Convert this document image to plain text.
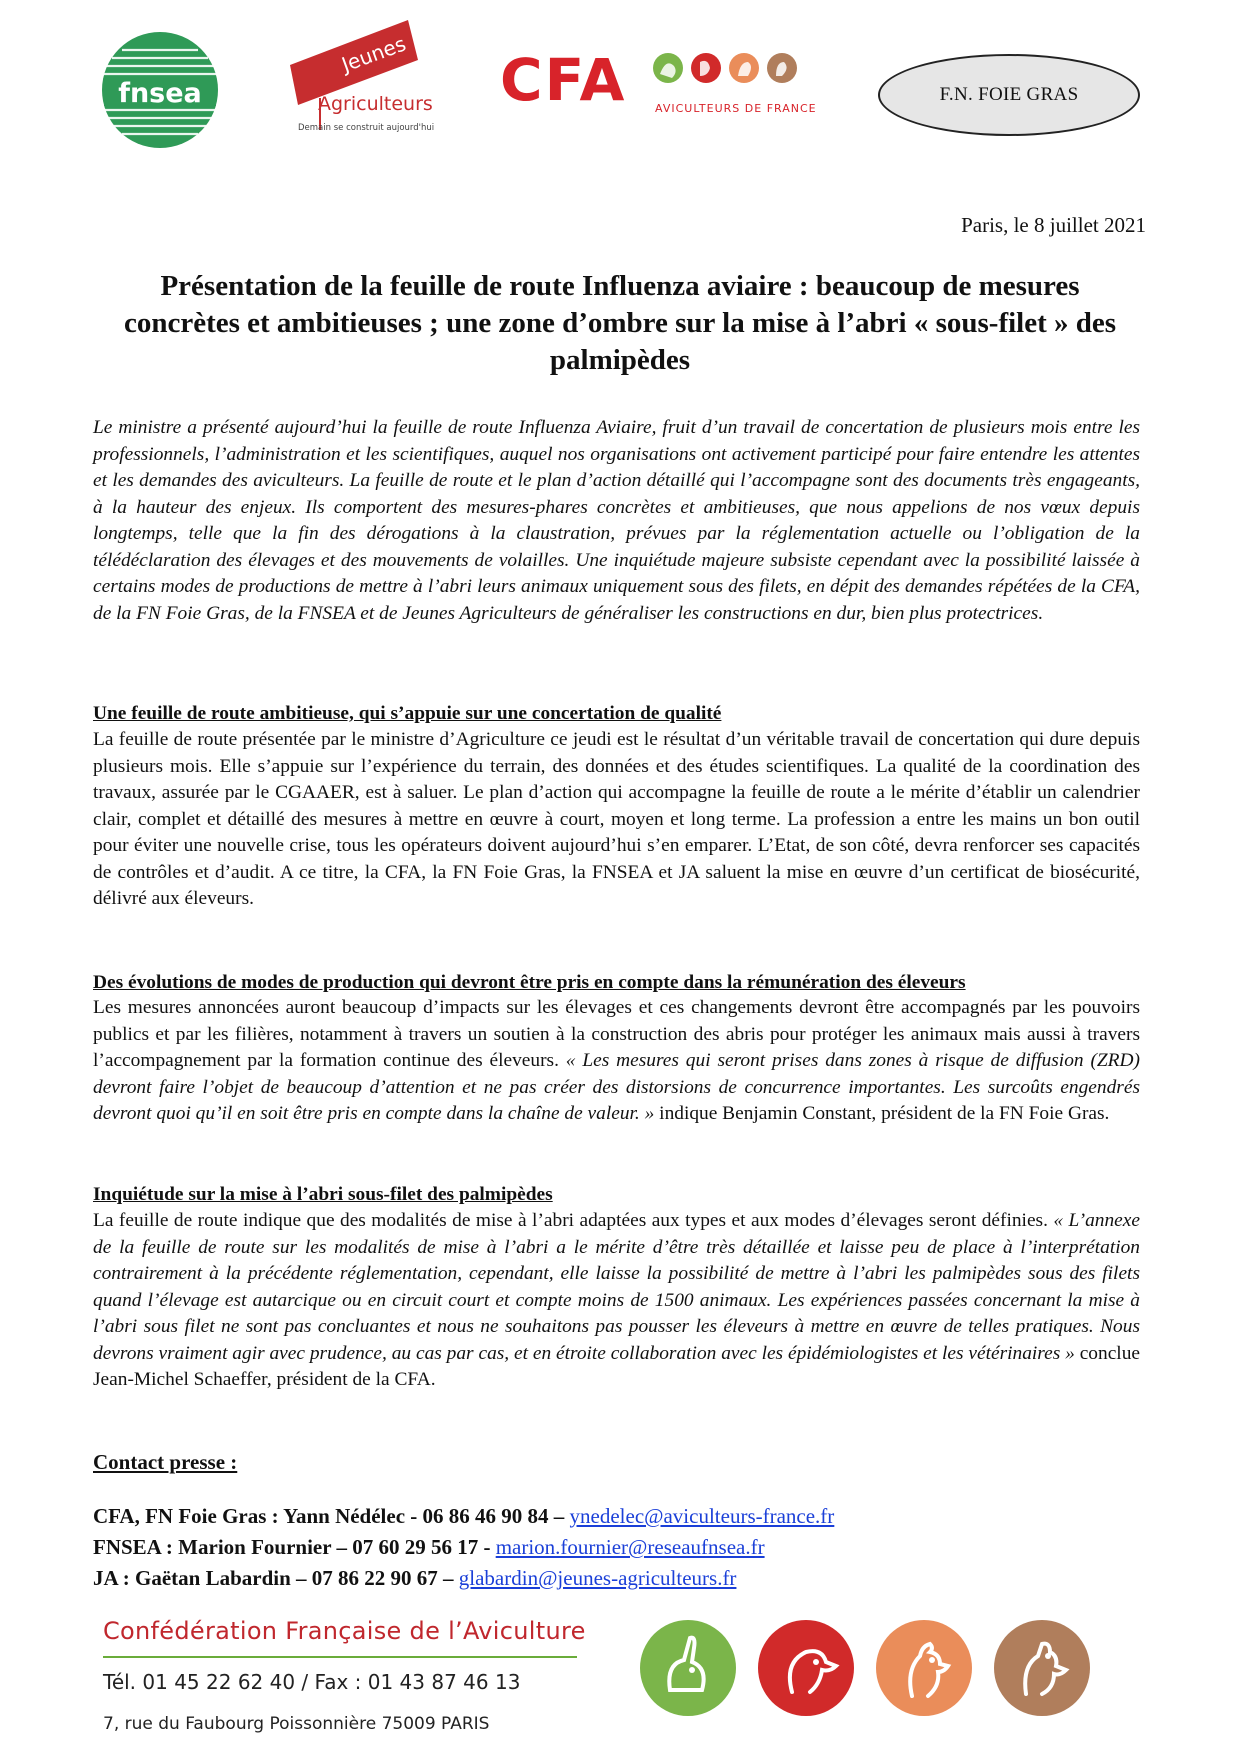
fnsea
Jeunes
Agriculteurs
Demain se construit aujourd'hui
CFA	AVICULTEURS DE FRANCE
F.N. FOIE GRAS
Paris, le 8 juillet 2021
Présentation de la feuille de route Influenza aviaire : beaucoup de mesures concrètes et ambitieuses ; une zone d’ombre sur la mise à l’abri « sous-filet » des palmipèdes

Le ministre a présenté aujourd’hui la feuille de route Influenza Aviaire, fruit d’un travail de concertation de plusieurs mois entre les professionnels, l’administration et les scientifiques, auquel nos organisations ont activement participé pour faire entendre les attentes et les demandes des aviculteurs. La feuille de route et le plan d’action détaillé qui l’accompagne sont des documents très engageants, à la hauteur des enjeux. Ils comportent des mesures-phares concrètes et ambitieuses, que nous appelions de nos vœux depuis longtemps, telle que la fin des dérogations à la claustration, prévues par la réglementation actuelle ou l’obligation de la télédéclaration des élevages et des mouvements de volailles. Une inquiétude majeure subsiste cependant avec la possibilité laissée à certains modes de productions de mettre à l’abri leurs animaux uniquement sous des filets, en dépit des demandes répétées de la CFA, de la FN Foie Gras, de la FNSEA et de Jeunes Agriculteurs de généraliser les constructions en dur, bien plus protectrices.

Une feuille de route ambitieuse, qui s’appuie sur une concertation de qualité

La feuille de route présentée par le ministre d’Agriculture ce jeudi est le résultat d’un véritable travail de concertation qui dure depuis plusieurs mois. Elle s’appuie sur l’expérience du terrain, des données et des études scientifiques. La qualité de la coordination des travaux, assurée par le CGAAER, est à saluer. Le plan d’action qui accompagne la feuille de route a le mérite d’établir un calendrier clair, complet et détaillé des mesures à mettre en œuvre à court, moyen et long terme. La profession a entre les mains un bon outil pour éviter une nouvelle crise, tous les opérateurs doivent aujourd’hui s’en emparer. L’Etat, de son côté, devra renforcer ses capacités de contrôles et d’audit. A ce titre, la CFA, la FN Foie Gras, la FNSEA et JA saluent la mise en œuvre d’un certificat de biosécurité, délivré aux éleveurs.

Des évolutions de modes de production qui devront être pris en compte dans la rémunération des éleveurs

Les mesures annoncées auront beaucoup d’impacts sur les élevages et ces changements devront être accompagnés par les pouvoirs publics et par les filières, notamment à travers un soutien à la construction des abris pour protéger les animaux mais aussi à travers l’accompagnement par la formation continue des éleveurs. « Les mesures qui seront prises dans zones à risque de diffusion (ZRD) devront faire l’objet de beaucoup d’attention et ne pas créer des distorsions de concurrence importantes. Les surcoûts engendrés devront quoi qu’il en soit être pris en compte dans la chaîne de valeur. » indique Benjamin Constant, président de la FN Foie Gras.

Inquiétude sur la mise à l’abri sous-filet des palmipèdes

La feuille de route indique que des modalités de mise à l’abri adaptées aux types et aux modes d’élevages seront définies. « L’annexe de la feuille de route sur les modalités de mise à l’abri a le mérite d’être très détaillée et laisse peu de place à l’interprétation contrairement à la précédente réglementation, cependant, elle laisse la possibilité de mettre à l’abri les palmipèdes sous des filets quand l’élevage est autarcique ou en circuit court et compte moins de 1500 animaux. Les expériences passées concernant la mise à l’abri sous filet ne sont pas concluantes et nous ne souhaitons pas pousser les éleveurs à mettre en œuvre de telles pratiques. Nous devrons vraiment agir avec prudence, au cas par cas, et en étroite collaboration avec les épidémiologistes et les vétérinaires » conclue Jean-Michel Schaeffer, président de la CFA.

Contact presse :
CFA, FN Foie Gras : Yann Nédélec - 06 86 46 90 84 – ynedelec@aviculteurs-france.fr
FNSEA : Marion Fournier – 07 60 29 56 17 - marion.fournier@reseaufnsea.fr
JA : Gaëtan Labardin – 07 86 22 90 67 – glabardin@jeunes-agriculteurs.fr
Confédération Française de l’Aviculture
Tél. 01 45 22 62 40 / Fax : 01 43 87 46 13
7, rue du Faubourg Poissonnière 75009 PARIS
